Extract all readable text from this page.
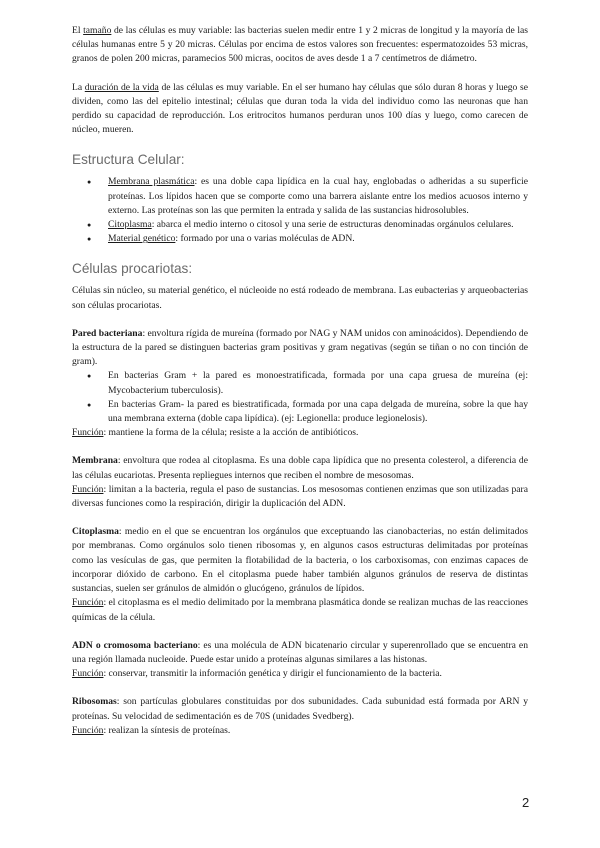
El tamaño de las células es muy variable: las bacterias suelen medir entre 1 y 2 micras de longitud y la mayoría de las células humanas entre 5 y 20 micras. Células por encima de estos valores son frecuentes: espermatozoides 53 micras, granos de polen 200 micras, paramecios 500 micras, oocitos de aves desde 1 a 7 centímetros de diámetro.

La duración de la vida de las células es muy variable. En el ser humano hay células que sólo duran 8 horas y luego se dividen, como las del epitelio intestinal; células que duran toda la vida del individuo como las neuronas que han perdido su capacidad de reproducción. Los eritrocitos humanos perduran unos 100 días y luego, como carecen de núcleo, mueren.

Estructura Celular:
● Membrana plasmática: es una doble capa lipídica en la cual hay, englobadas o adheridas a su superficie proteínas. Los lípidos hacen que se comporte como una barrera aislante entre los medios acuosos interno y externo. Las proteínas son las que permiten la entrada y salida de las sustancias hidrosolubles.
● Citoplasma: abarca el medio interno o citosol y una serie de estructuras denominadas orgánulos celulares.
● Material genético: formado por una o varias moléculas de ADN.
Células procariotas:

Células sin núcleo, su material genético, el núcleoide no está rodeado de membrana. Las eubacterias y arqueobacterias son células procariotas.

Pared bacteriana: envoltura rígida de mureína (formado por NAG y NAM unidos con aminoácidos). Dependiendo de la estructura de la pared se distinguen bacterias gram positivas y gram negativas (según se tiñan o no con tinción de gram).

● En bacterias Gram + la pared es monoestratificada, formada por una capa gruesa de mureína (ej: Mycobacterium tuberculosis).
● En bacterias Gram- la pared es biestratificada, formada por una capa delgada de mureína, sobre la que hay una membrana externa (doble capa lipídica). (ej: Legionella: produce legionelosis).

Función: mantiene la forma de la célula; resiste a la acción de antibióticos.

Membrana: envoltura que rodea al citoplasma. Es una doble capa lipídica que no presenta colesterol, a diferencia de las células eucariotas. Presenta repliegues internos que reciben el nombre de mesosomas.

Función: limitan a la bacteria, regula el paso de sustancias. Los mesosomas contienen enzimas que son utilizadas para diversas funciones como la respiración, dirigir la duplicación del ADN.

Citoplasma: medio en el que se encuentran los orgánulos que exceptuando las cianobacterias, no están delimitados por membranas. Como orgánulos solo tienen ribosomas y, en algunos casos estructuras delimitadas por proteínas como las vesículas de gas, que permiten la flotabilidad de la bacteria, o los carboxisomas, con enzimas capaces de incorporar dióxido de carbono. En el citoplasma puede haber también algunos gránulos de reserva de distintas sustancias, suelen ser gránulos de almidón o glucógeno, gránulos de lípidos.

Función: el citoplasma es el medio delimitado por la membrana plasmática donde se realizan muchas de las reacciones químicas de la célula.

ADN o cromosoma bacteriano: es una molécula de ADN bicatenario circular y superenrollado que se encuentra en una región llamada nucleoide. Puede estar unido a proteínas algunas similares a las histonas.

Función: conservar, transmitir la información genética y dirigir el funcionamiento de la bacteria.

Ribosomas: son partículas globulares constituidas por dos subunidades. Cada subunidad está formada por ARN y proteínas. Su velocidad de sedimentación es de 70S (unidades Svedberg).

Función: realizan la síntesis de proteínas.

2
